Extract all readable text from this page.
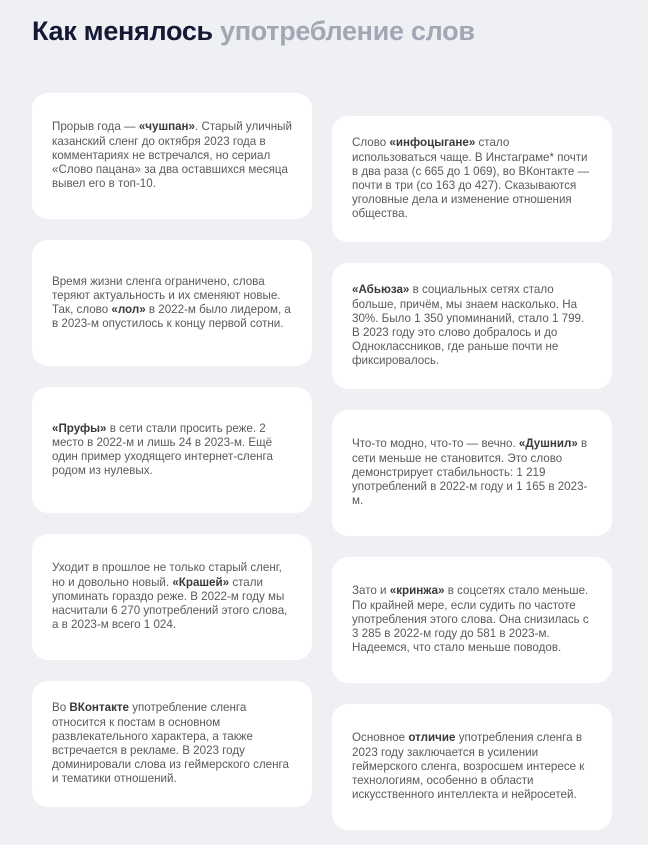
Как менялось употребление слов

Прорыв года — «чушпан». Старый уличный казанский сленг до октября 2023 года в комментариях не встречался, но сериал «Слово пацана» за два оставшихся месяца вывел его в топ-10.

Слово «инфоцыгане» стало использоваться чаще. В Инстаграме* почти в два раза (с 665 до 1 069), во ВКонтакте — почти в три (со 163 до 427). Сказываются уголовные дела и изменение отношения общества.

Время жизни сленга ограничено, слова теряют актуальность и их сменяют новые. Так, слово «лол» в 2022-м было лидером, а в 2023-м опустилось к концу первой сотни.

«Абьюза» в социальных сетях стало больше, причём, мы знаем насколько. На 30%. Было 1 350 упоминаний, стало 1 799. В 2023 году это слово добралось и до Одноклассников, где раньше почти не фиксировалось.

«Пруфы» в сети стали просить реже. 2 место в 2022-м и лишь 24 в 2023-м. Ещё один пример уходящего интернет-сленга родом из нулевых.

Что-то модно, что-то — вечно. «Душнил» в сети меньше не становится. Это слово демонстрирует стабильность: 1 219 употреблений в 2022-м году и 1 165 в 2023-м.

Уходит в прошлое не только старый сленг, но и довольно новый. «Крашей» стали упоминать гораздо реже. В 2022-м году мы насчитали 6 270 употреблений этого слова, а в 2023-м всего 1 024.

Зато и «кринжа» в соцсетях стало меньше. По крайней мере, если судить по частоте употребления этого слова. Она снизилась с 3 285 в 2022-м году до 581 в 2023-м. Надеемся, что стало меньше поводов.

Во ВКонтакте употребление сленга относится к постам в основном развлекательного характера, а также встречается в рекламе. В 2023 году доминировали слова из геймерского сленга и тематики отношений.

Основное отличие употребления сленга в 2023 году заключается в усилении геймерского сленга, возросшем интересе к технологиям, особенно в области искусственного интеллекта и нейросетей.
